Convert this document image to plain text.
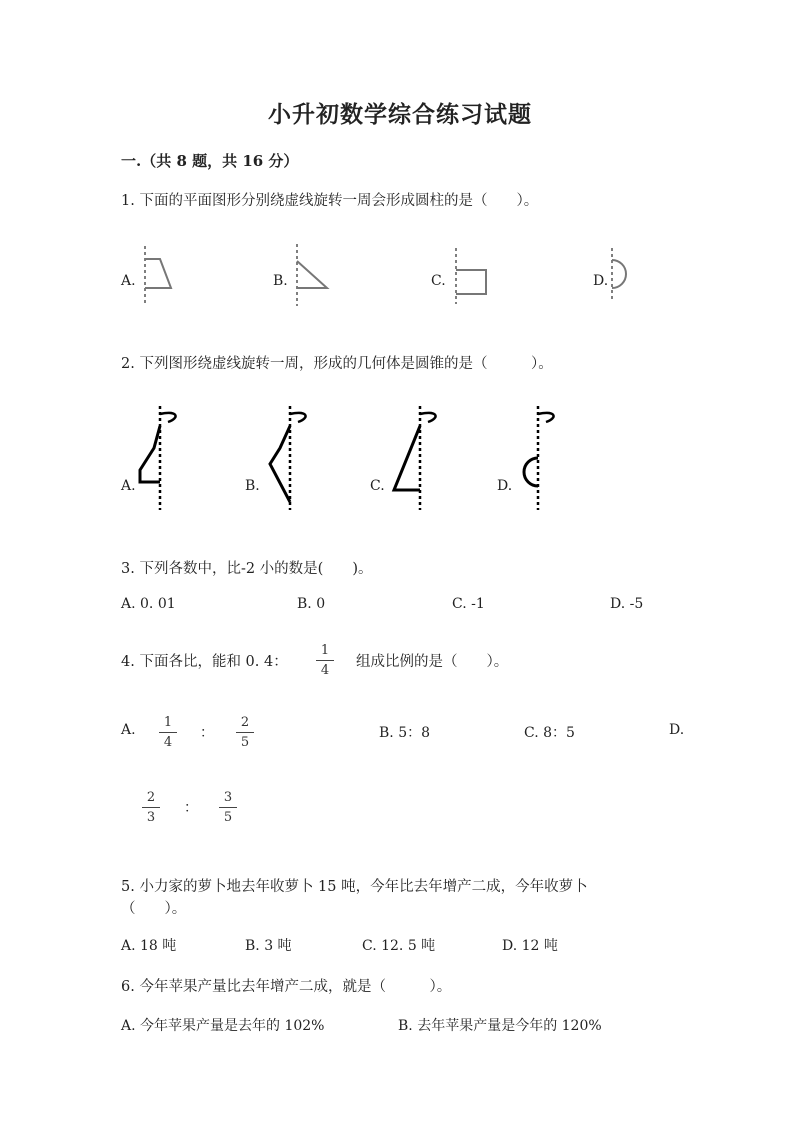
小升初数学综合练习试题
一.（共 8 题，共 16 分）
1. 下面的平面图形分别绕虚线旋转一周会形成圆柱的是（　　）。
A.	B.	C.	D.
2. 下列图形绕虚线旋转一周，形成的几何体是圆锥的是（　　　）。
A.	B.	C.	D.
3. 下列各数中，比-2 小的数是(　　)。
A. 0. 01	B. 0	C. -1	D. -5
4. 下面各比，能和 0. 4：
1
4
组成比例的是（　　）。
A.	1
4
：
2
5
B. 5：8	C. 8：5	D.
2
3
：
3
5
5. 小力家的萝卜地去年收萝卜 15 吨，今年比去年增产二成，今年收萝卜
（　　）。
A. 18 吨	B. 3 吨	C. 12. 5 吨	D. 12 吨
6. 今年苹果产量比去年增产二成，就是（　　　）。
A. 今年苹果产量是去年的 102%	B. 去年苹果产量是今年的 120%
